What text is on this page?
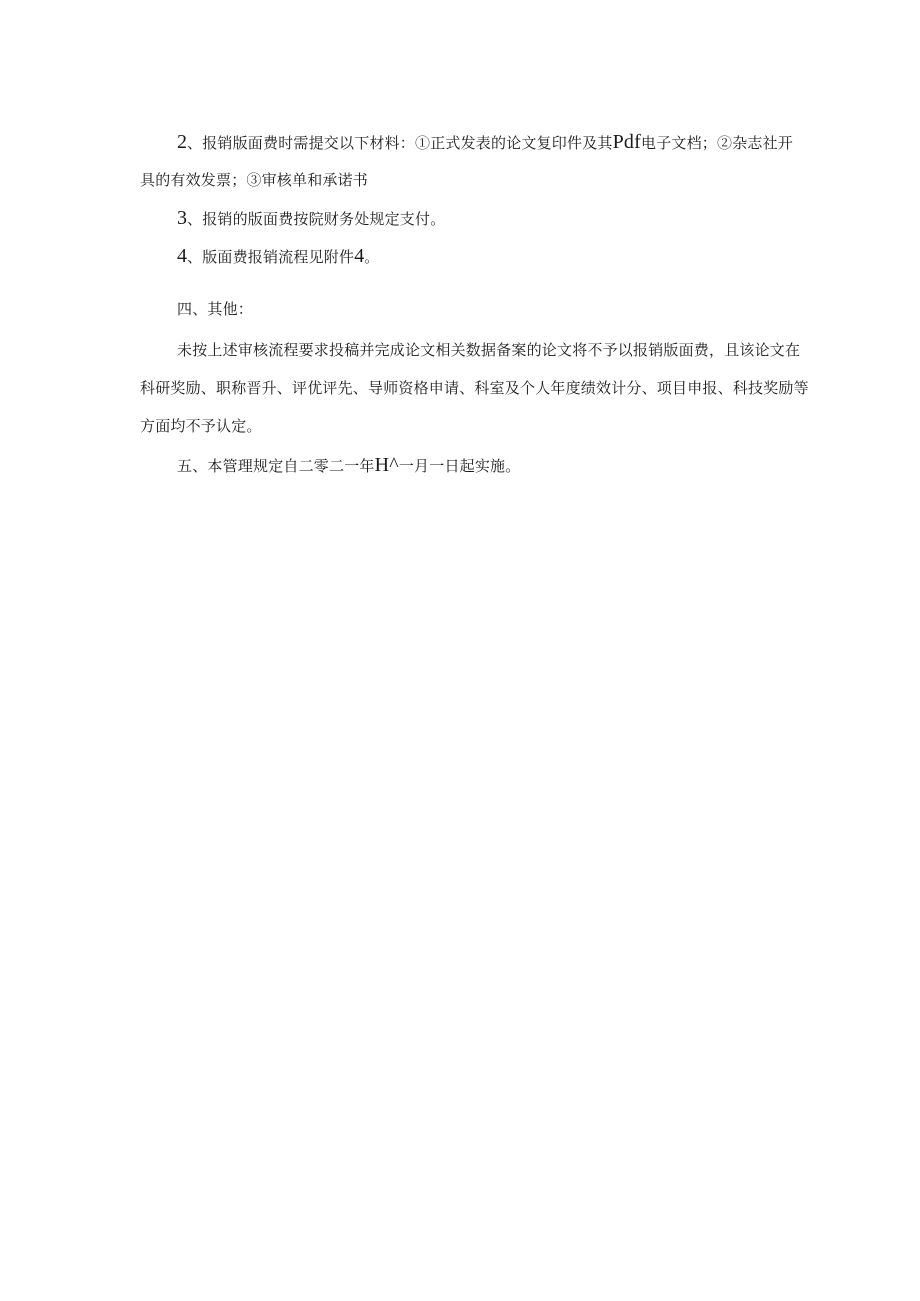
2、报销版面费时需提交以下材料：①正式发表的论文复印件及其Pdf电子文档；②杂志社开
具的有效发票；③审核单和承诺书
3、报销的版面费按院财务处规定支付。
4、版面费报销流程见附件4。
四、其他：
未按上述审核流程要求投稿并完成论文相关数据备案的论文将不予以报销版面费，且该论文在
科研奖励、职称晋升、评优评先、导师资格申请、科室及个人年度绩效计分、项目申报、科技奖励等
方面均不予认定。
五、本管理规定自二零二一年H^一月一日起实施。
